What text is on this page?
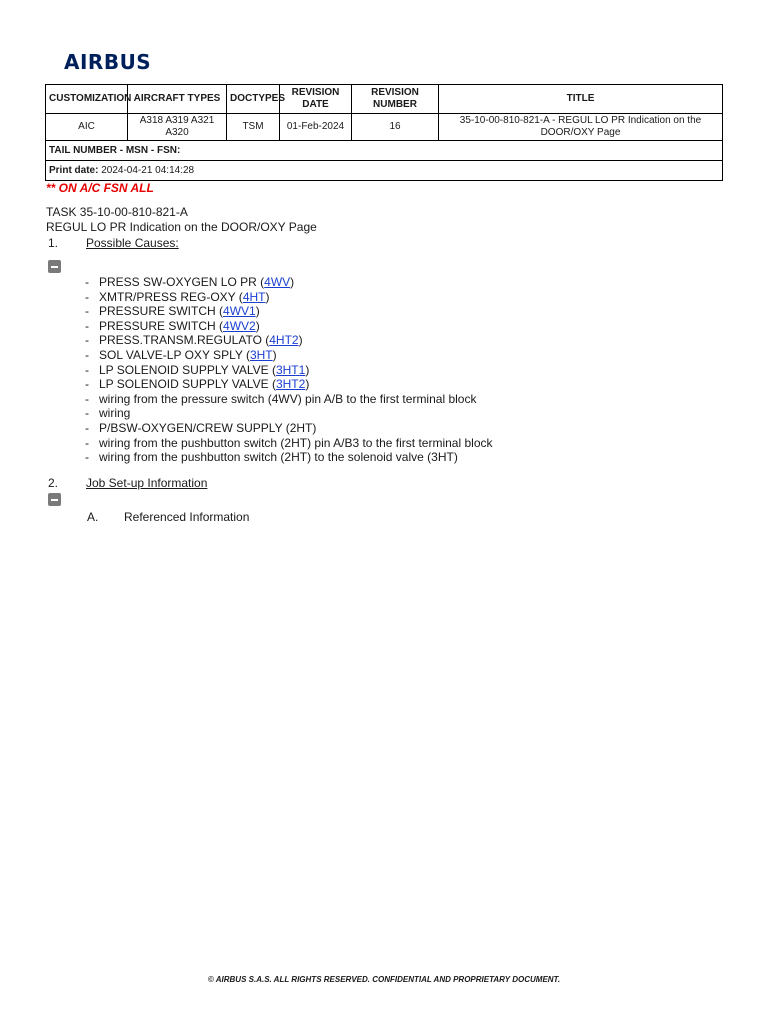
AIRBUS
CUSTOMIZATION	AIRCRAFT TYPES	DOCTYPES	REVISION DATE	REVISION NUMBER	TITLE
AIC	A318 A319 A321 A320	TSM	01-Feb-2024	16	35-10-00-810-821-A - REGUL LO PR Indication on the DOOR/OXY Page
TAIL NUMBER - MSN - FSN:					
Print date: 2024-04-21 04:14:28					
** ON A/C FSN ALL
TASK 35-10-00-810-821-A
REGUL LO PR Indication on the DOOR/OXY Page
1. Possible Causes:
- PRESS SW-OXYGEN LO PR (4WV)
- XMTR/PRESS REG-OXY (4HT)
- PRESSURE SWITCH (4WV1)
- PRESSURE SWITCH (4WV2)
- PRESS.TRANSM.REGULATO (4HT2)
- SOL VALVE-LP OXY SPLY (3HT)
- LP SOLENOID SUPPLY VALVE (3HT1)
- LP SOLENOID SUPPLY VALVE (3HT2)
- wiring from the pressure switch (4WV) pin A/B to the first terminal block
- wiring
- P/BSW-OXYGEN/CREW SUPPLY (2HT)
- wiring from the pushbutton switch (2HT) pin A/B3 to the first terminal block
- wiring from the pushbutton switch (2HT) to the solenoid valve (3HT)
2. Job Set-up Information
A. Referenced Information
© AIRBUS S.A.S. ALL RIGHTS RESERVED. CONFIDENTIAL AND PROPRIETARY DOCUMENT.
